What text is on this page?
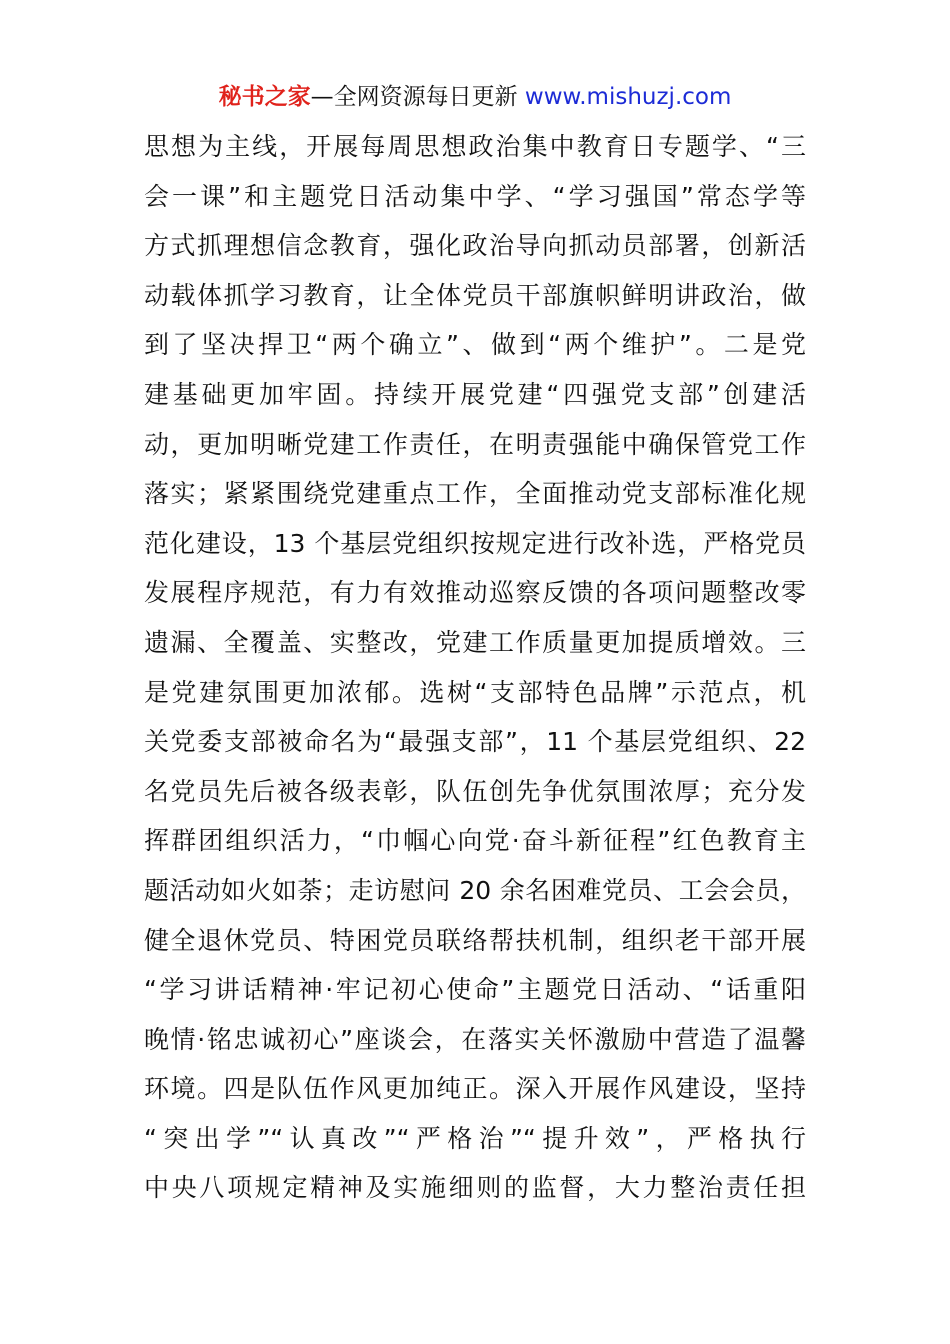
秘书之家—全网资源每日更新 www.mishuzj.com
思想为主线，开展每周思想政治集中教育日专题学、“三
会一课”和主题党日活动集中学、“学习强国”常态学等
方式抓理想信念教育，强化政治导向抓动员部署，创新活
动载体抓学习教育，让全体党员干部旗帜鲜明讲政治，做
到了坚决捍卫“两个确立”、做到“两个维护”。二是党
建基础更加牢固。持续开展党建“四强党支部”创建活
动，更加明晰党建工作责任，在明责强能中确保管党工作
落实；紧紧围绕党建重点工作，全面推动党支部标准化规
范化建设，13 个基层党组织按规定进行改补选，严格党员
发展程序规范，有力有效推动巡察反馈的各项问题整改零
遗漏、全覆盖、实整改，党建工作质量更加提质增效。三
是党建氛围更加浓郁。选树“支部特色品牌”示范点，机
关党委支部被命名为“最强支部”，11 个基层党组织、22
名党员先后被各级表彰，队伍创先争优氛围浓厚；充分发
挥群团组织活力，“巾帼心向党·奋斗新征程”红色教育主
题活动如火如荼；走访慰问 20 余名困难党员、工会会员，
健全退休党员、特困党员联络帮扶机制，组织老干部开展
“学习讲话精神·牢记初心使命”主题党日活动、“话重阳
晚情·铭忠诚初心”座谈会，在落实关怀激励中营造了温馨
环境。四是队伍作风更加纯正。深入开展作风建设，坚持
“突出学”“认真改”“严格治”“提升效”，严格执行
中央八项规定精神及实施细则的监督，大力整治责任担
